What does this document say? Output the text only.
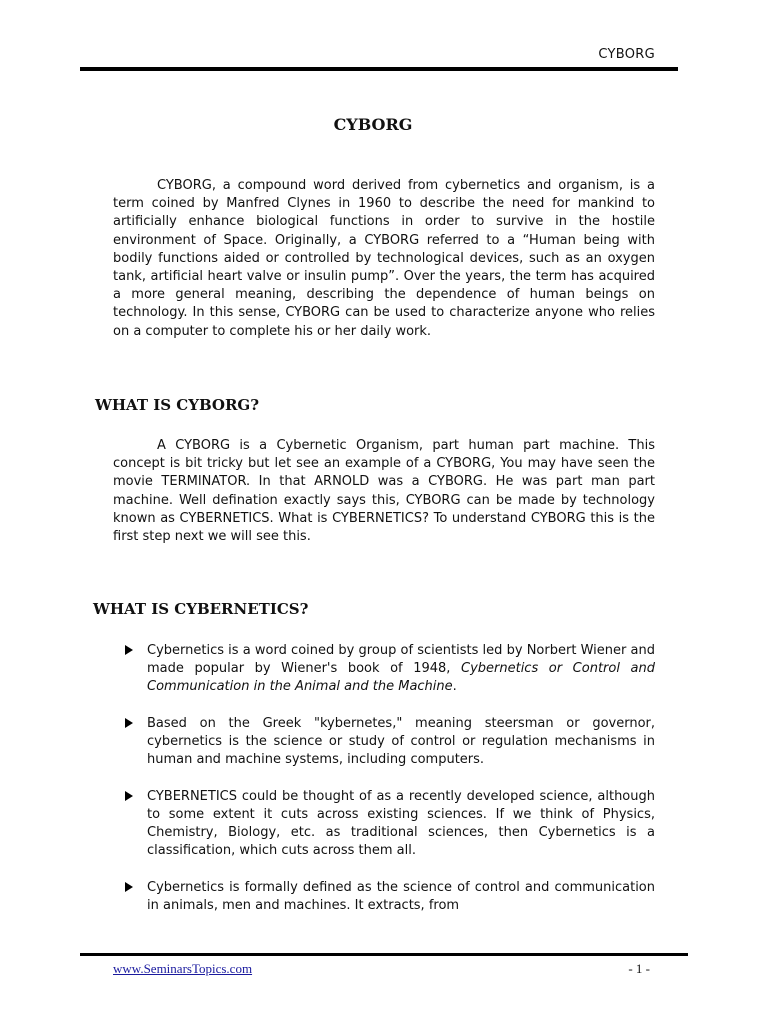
CYBORG
CYBORG

CYBORG, a compound word derived from cybernetics and organism, is a term coined by Manfred Clynes in 1960 to describe the need for mankind to artificially enhance biological functions in order to survive in the hostile environment of Space. Originally, a CYBORG referred to a “Human being with bodily functions aided or controlled by technological devices, such as an oxygen tank, artificial heart valve or insulin pump”. Over the years, the term has acquired a more general meaning, describing the dependence of human beings on technology. In this sense, CYBORG can be used to characterize anyone who relies on a computer to complete his or her daily work.

WHAT IS CYBORG?

A CYBORG is a Cybernetic Organism, part human part machine. This concept is bit tricky but let see an example of a CYBORG, You may have seen the movie TERMINATOR. In that ARNOLD was a CYBORG. He was part man part machine. Well defination exactly says this, CYBORG can be made by technology known as CYBERNETICS. What is CYBERNETICS? To understand CYBORG this is the first step next we will see this.

WHAT IS CYBERNETICS?

Cybernetics is a word coined by group of scientists led by Norbert Wiener and made popular by Wiener's book of 1948, Cybernetics or Control and Communication in the Animal and the Machine.

Based on the Greek "kybernetes," meaning steersman or governor, cybernetics is the science or study of control or regulation mechanisms in human and machine systems, including computers.

CYBERNETICS could be thought of as a recently developed science, although to some extent it cuts across existing sciences. If we think of Physics, Chemistry, Biology, etc. as traditional sciences, then Cybernetics is a classification, which cuts across them all.

Cybernetics is formally defined as the science of control and communication in animals, men and machines. It extracts, from

www.SeminarsTopics.com	- 1 -
